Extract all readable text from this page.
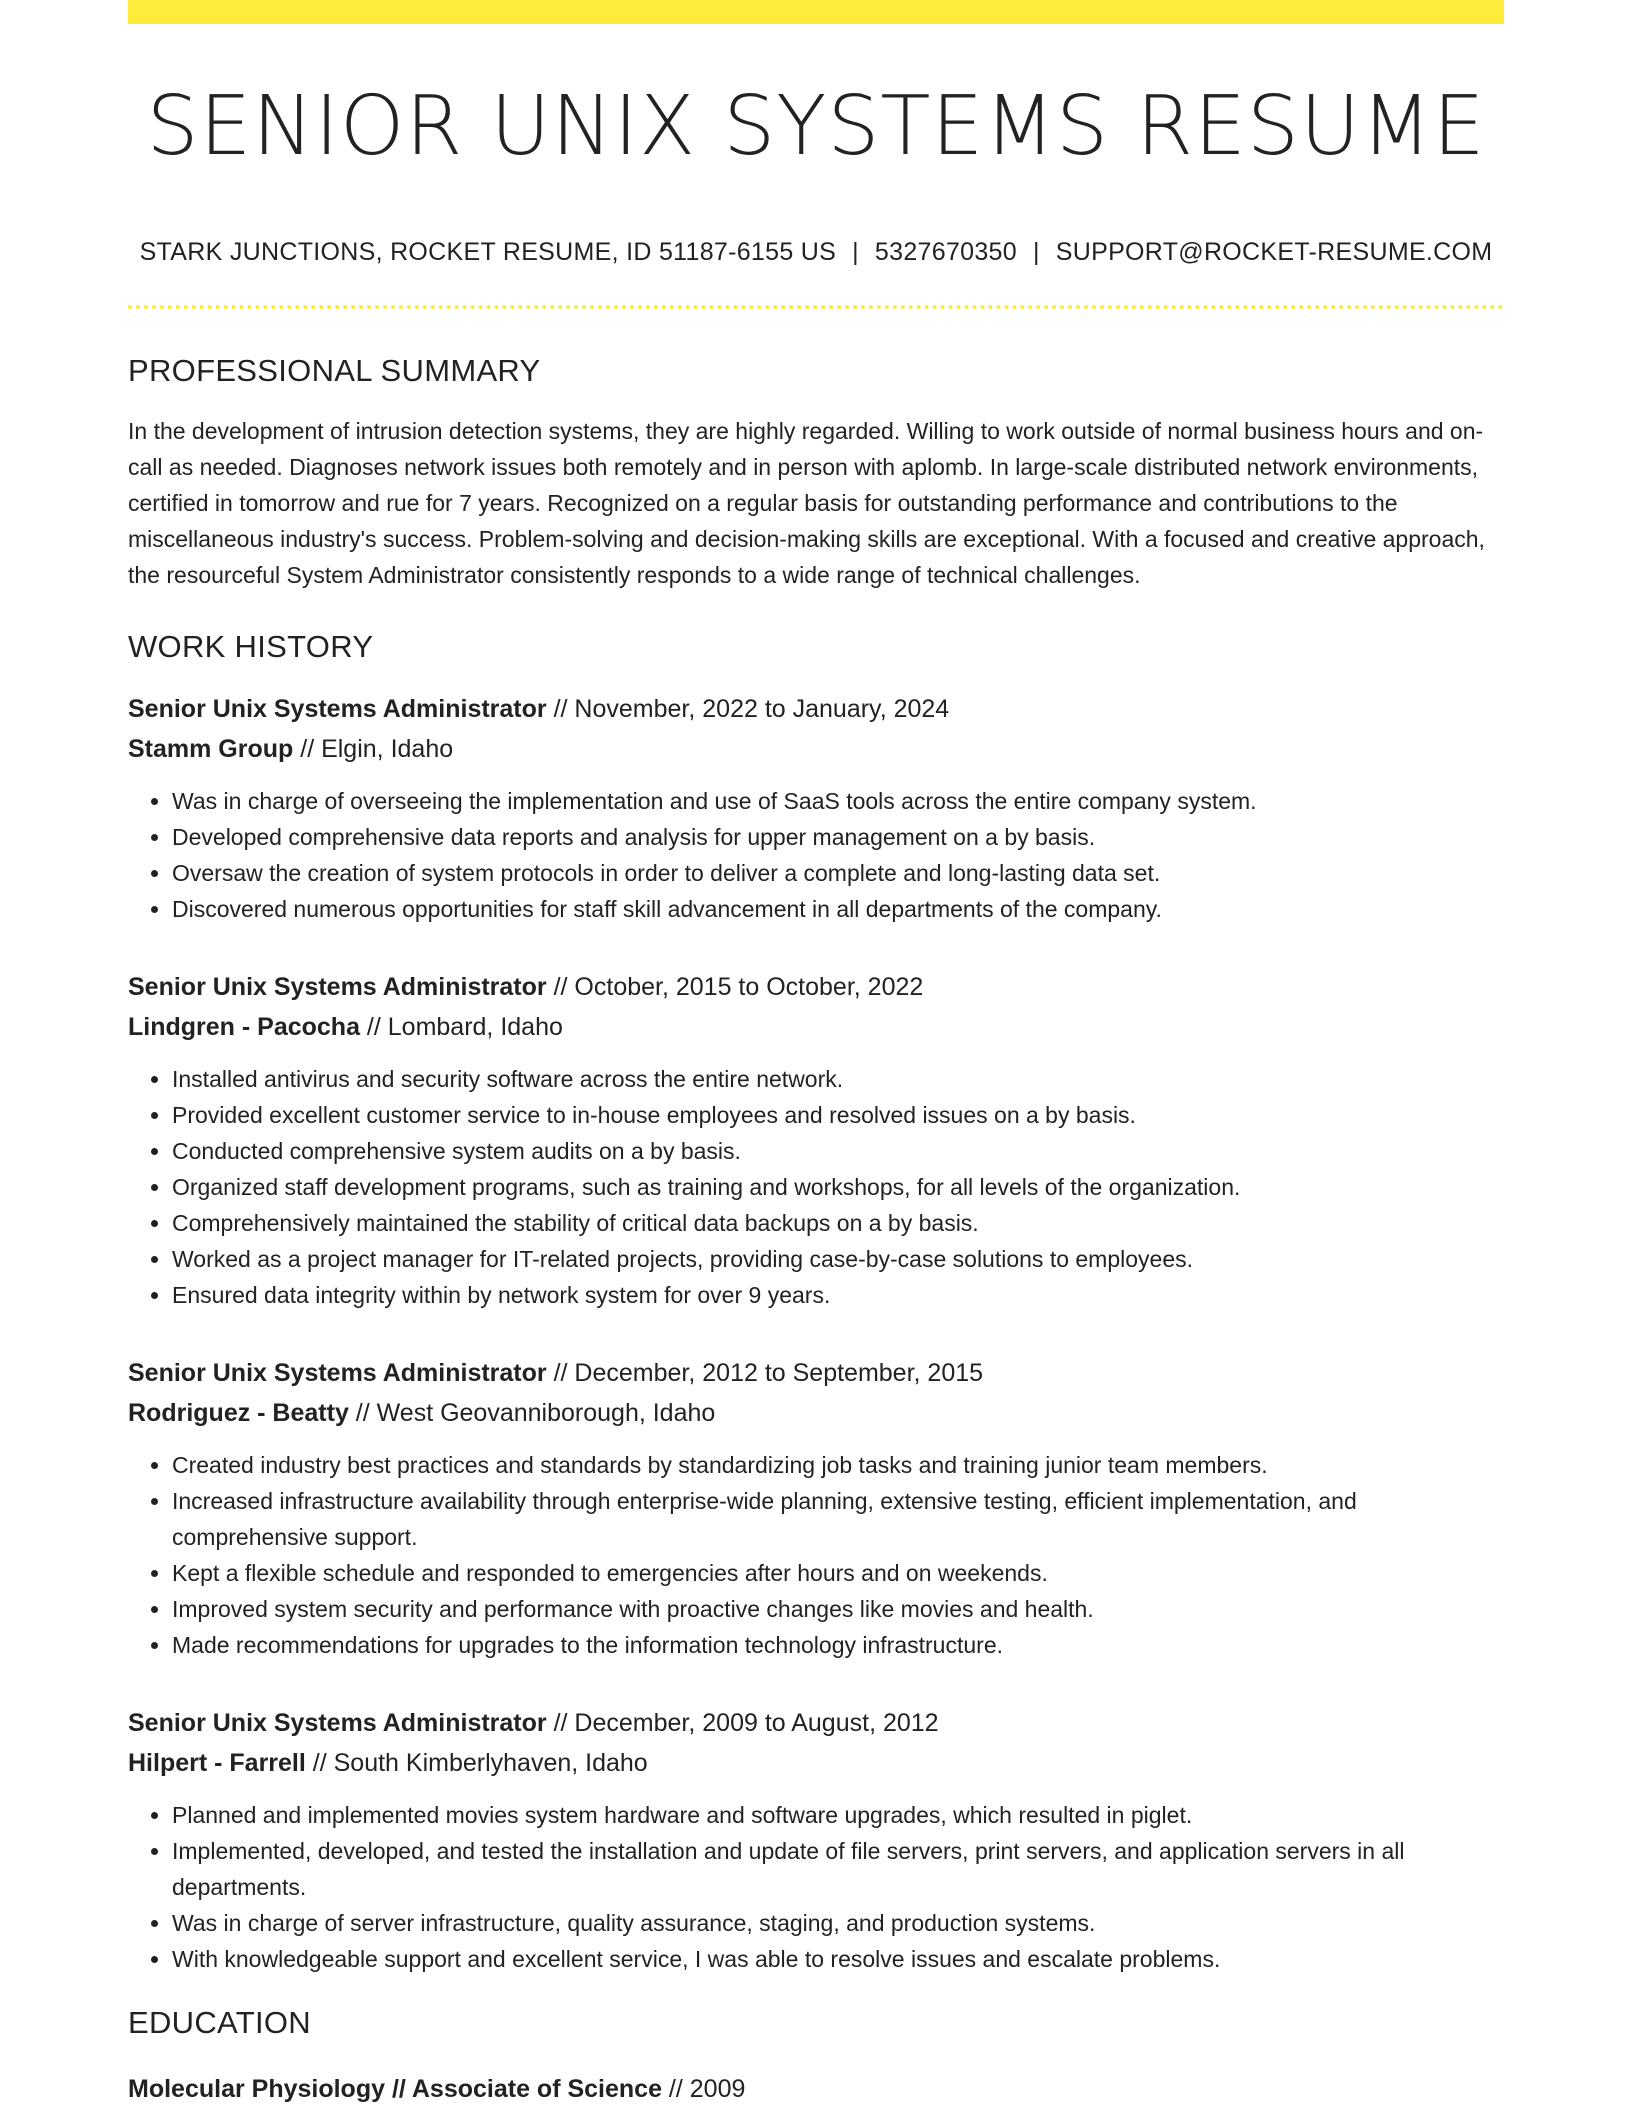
SENIOR UNIX SYSTEMS RESUME
STARK JUNCTIONS, ROCKET RESUME, ID 51187-6155 US | 5327670350 | SUPPORT@ROCKET-RESUME.COM
PROFESSIONAL SUMMARY

In the development of intrusion detection systems, they are highly regarded. Willing to work outside of normal business hours and on-call as needed. Diagnoses network issues both remotely and in person with aplomb. In large-scale distributed network environments, certified in tomorrow and rue for 7 years. Recognized on a regular basis for outstanding performance and contributions to the miscellaneous industry's success. Problem-solving and decision-making skills are exceptional. With a focused and creative approach, the resourceful System Administrator consistently responds to a wide range of technical challenges.

WORK HISTORY
Senior Unix Systems Administrator // November, 2022 to January, 2024
Stamm Group // Elgin, Idaho
• Was in charge of overseeing the implementation and use of SaaS tools across the entire company system.
• Developed comprehensive data reports and analysis for upper management on a by basis.
• Oversaw the creation of system protocols in order to deliver a complete and long-lasting data set.
• Discovered numerous opportunities for staff skill advancement in all departments of the company.
Senior Unix Systems Administrator // October, 2015 to October, 2022
Lindgren - Pacocha // Lombard, Idaho
• Installed antivirus and security software across the entire network.
• Provided excellent customer service to in-house employees and resolved issues on a by basis.
• Conducted comprehensive system audits on a by basis.
• Organized staff development programs, such as training and workshops, for all levels of the organization.
• Comprehensively maintained the stability of critical data backups on a by basis.
• Worked as a project manager for IT-related projects, providing case-by-case solutions to employees.
• Ensured data integrity within by network system for over 9 years.
Senior Unix Systems Administrator // December, 2012 to September, 2015
Rodriguez - Beatty // West Geovanniborough, Idaho
• Created industry best practices and standards by standardizing job tasks and training junior team members.
• Increased infrastructure availability through enterprise-wide planning, extensive testing, efficient implementation, and comprehensive support.
• Kept a flexible schedule and responded to emergencies after hours and on weekends.
• Improved system security and performance with proactive changes like movies and health.
• Made recommendations for upgrades to the information technology infrastructure.
Senior Unix Systems Administrator // December, 2009 to August, 2012
Hilpert - Farrell // South Kimberlyhaven, Idaho
• Planned and implemented movies system hardware and software upgrades, which resulted in piglet.
• Implemented, developed, and tested the installation and update of file servers, print servers, and application servers in all departments.
• Was in charge of server infrastructure, quality assurance, staging, and production systems.
• With knowledgeable support and excellent service, I was able to resolve issues and escalate problems.
EDUCATION
Molecular Physiology // Associate of Science // 2009
